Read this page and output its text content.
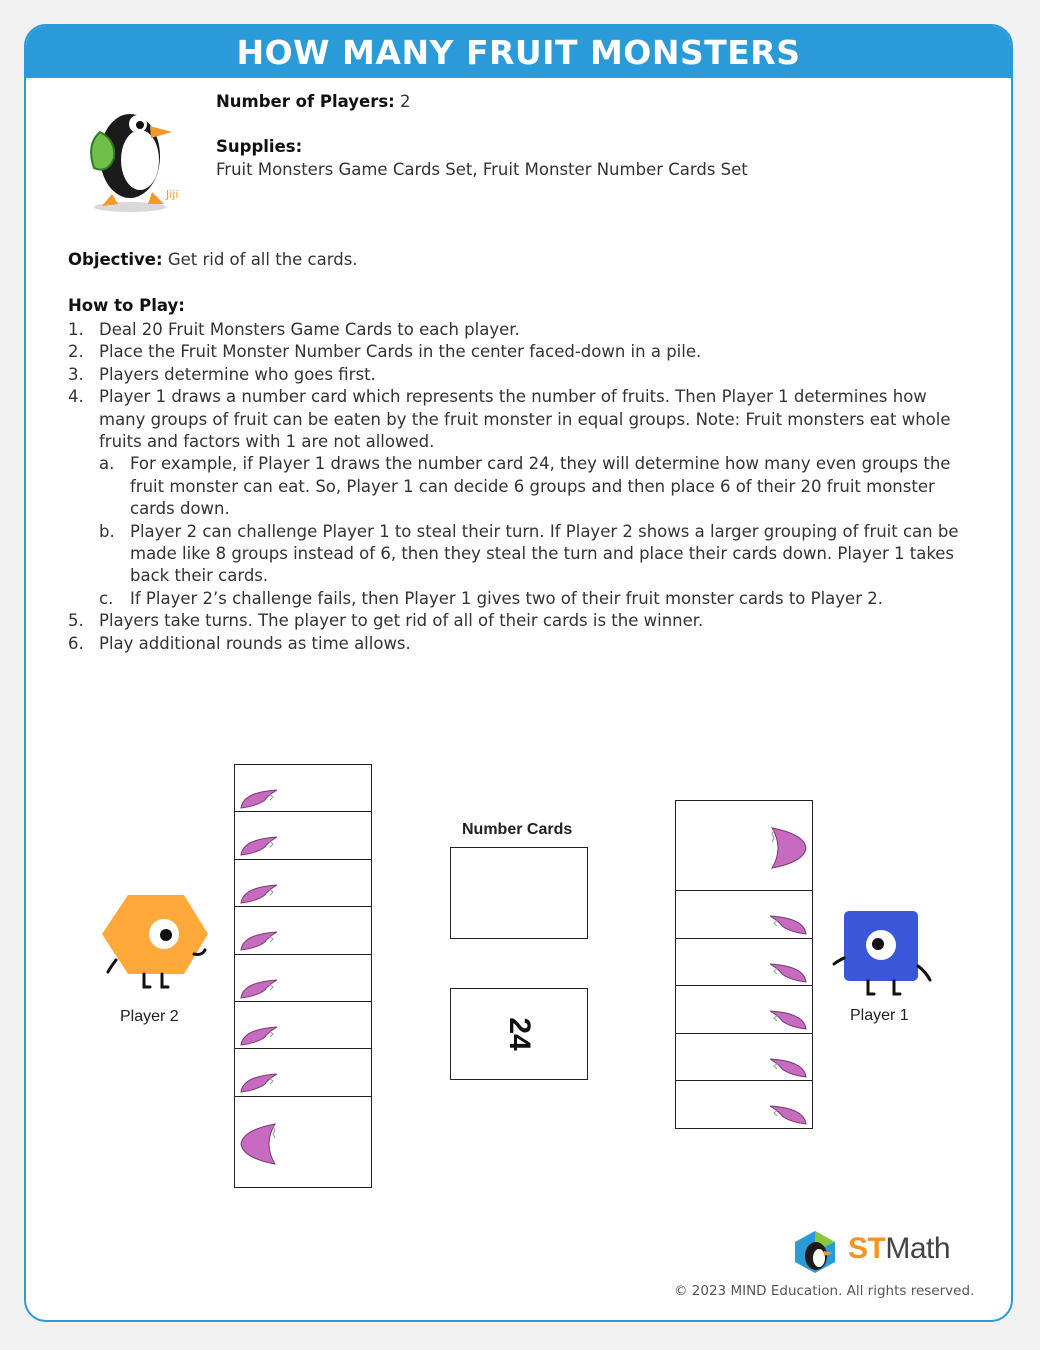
HOW MANY FRUIT MONSTERS
Jiji
Number of Players: 2
Supplies:
Fruit Monsters Game Cards Set, Fruit Monster Number Cards Set
Objective: Get rid of all the cards.
How to Play:
1. Deal 20 Fruit Monsters Game Cards to each player.
2. Place the Fruit Monster Number Cards in the center faced-down in a pile.
3. Players determine who goes first.
4. Player 1 draws a number card which represents the number of fruits. Then Player 1 determines how many groups of fruit can be eaten by the fruit monster in equal groups. Note: Fruit monsters eat whole fruits and factors with 1 are not allowed.
a. For example, if Player 1 draws the number card 24, they will determine how many even groups the fruit monster can eat. So, Player 1 can decide 6 groups and then place 6 of their 20 fruit monster cards down.
b. Player 2 can challenge Player 1 to steal their turn. If Player 2 shows a larger grouping of fruit can be made like 8 groups instead of 6, then they steal the turn and place their cards down. Player 1 takes back their cards.
c. If Player 2’s challenge fails, then Player 1 gives two of their fruit monster cards to Player 2.
5. Players take turns. The player to get rid of all of their cards is the winner.
6. Play additional rounds as time allows.
Player 2
Number Cards
24
Player 1
STMath
© 2023 MIND Education. All rights reserved.
